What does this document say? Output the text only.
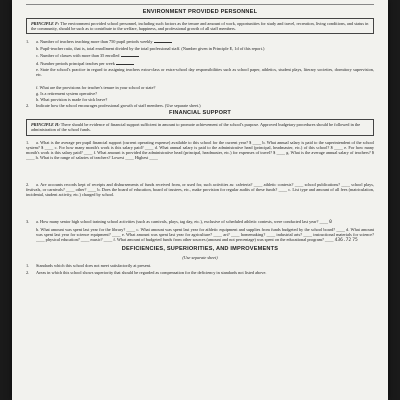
ENVIRONMENT PROVIDED PERSONNEL
PRINCIPLE F: The environment provided school personnel, including such factors as the tenure and amount of work, opportunities for study and travel, recreation, living conditions, and status in the community, should be such as to contribute to the welfare, happiness, and professional growth of all staff members.
1. a. Number of teachers teaching more than 750 pupil periods weekly
b. Pupil-teacher ratio, that is, total enrollment divided by the total professional staff. (Number given in Principle E, 1d of this report.)
c. Number of classes with more than 35 enrolled
d. Number periods principal teaches per week
e. State the school's practice in regard to assigning teachers extra-class or extra-school day responsibilities such as school paper, athletics, student plays, literary societies, dormitory supervision, etc.
f. What are the provisions for teacher's tenure in your school or state?
g. Is a retirement system operative?
h. What provision is made for sick leave?
2. Indicate how the school encourages professional growth of staff members. (Use separate sheet.)
FINANCIAL SUPPORT
PRINCIPLE H: There should be evidence of financial support sufficient in amount to promote achievement of the school's purpose. Approved budgetary procedures should be followed in the administration of the school funds.
1. a. What is the average per pupil financial support (current operating expense) available to this school for the current year? $ ____ b. What annual salary is paid to the superintendent of the school system? $ ____ c. For how many month's work is this salary paid? ____ d. What annual salary is paid to the administrative head (principal, headmaster, etc.) of this school? $ ____ e. For how many month's work is this salary paid? ____ f. What amount is provided the administrative head (principal, headmaster, etc.) for expenses of travel? $ ____ g. What is the average annual salary of teachers? $ ____ h. What is the range of salaries of teachers? Lowest ____ Highest ____
2. a. Are accounts records kept of receipts and disbursements of funds received from, or used for, such activities as: cafeteria? ____ athletic contests? ____ school publications? ____ school plays, festivals, or carnivals? ____ other? ____ b. Does the board of education, board of trustees, etc., make provision for regular audits of these funds? ____ c. List type and amount of all fees (matriculation, incidental, student activity, etc.) charged by school.
3. a. How many senior high school training school activities (such as carnivals, plays, tag day, etc.), exclusive of scheduled athletic contests, were conducted last year? ____ 0
b. What amount was spent last year for the library? ____ c. What amount was spent last year for athletic equipment and supplies from funds budgeted by the school board? ____ d. What amount was spent last year for science equipment? ____ e. What amount was spent last year for agriculture? ____ art? ____ homemaking? ____ industrial arts? ____ instructional materials for science? ____ physical education? ____ music? ____ f. What amount of budgeted funds from other sources (amount and not percentage) was spent on the educational program? ____ 436.72 75
DEFICIENCIES, SUPERIORITIES, AND IMPROVEMENTS
(Use separate sheet)
1. Standards which this school does not meet satisfactorily at present.
2. Areas in which this school shows superiority that should be regarded as compensation for the deficiency in standards not listed above.
